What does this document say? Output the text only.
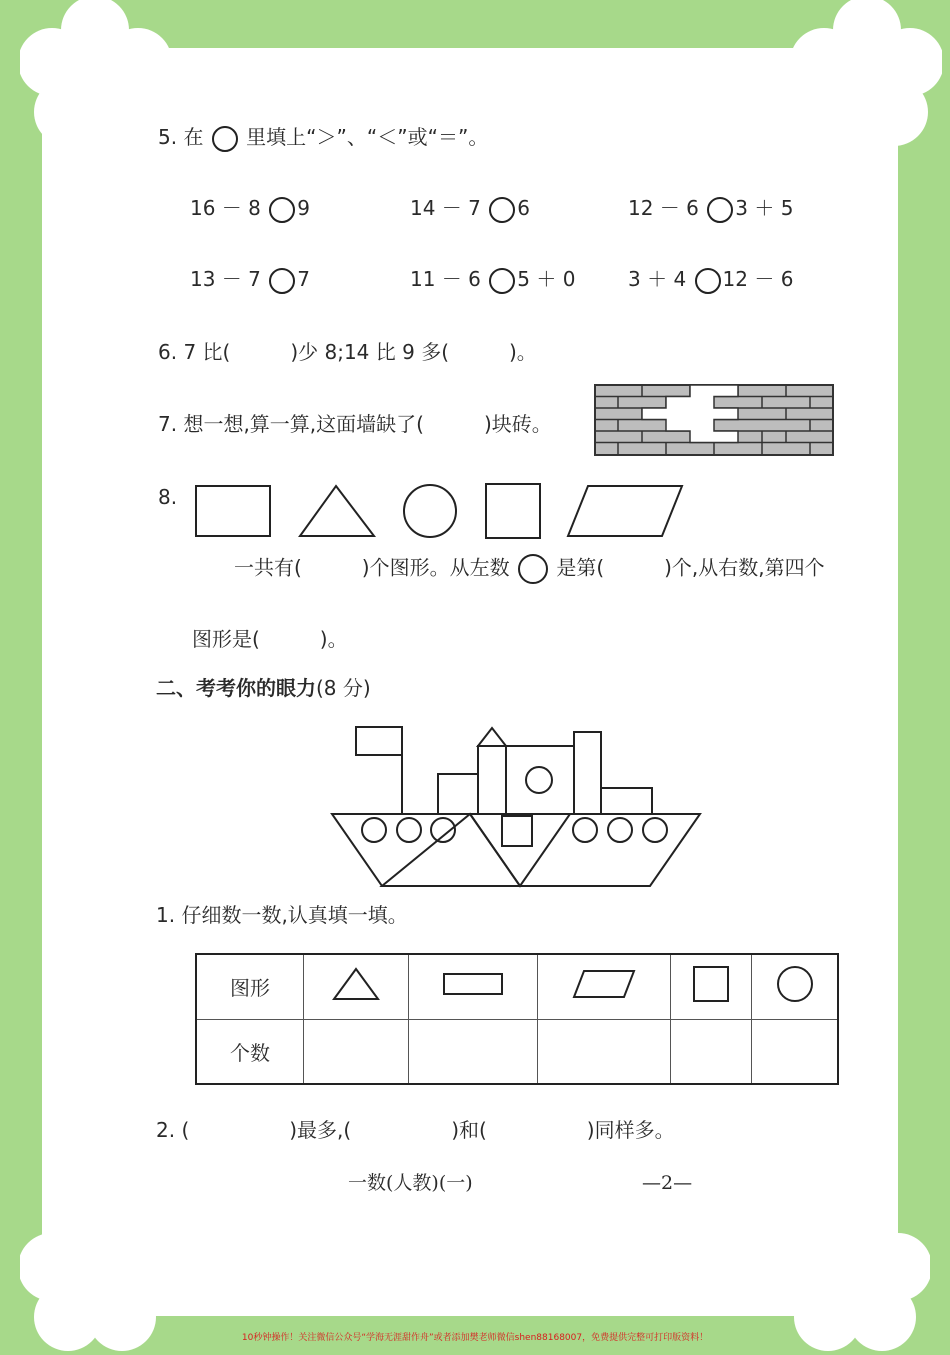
5. 在 里填上“＞”、“＜”或“＝”。
16 － 8 9	14 － 7 6	12 － 6 3 ＋ 5
13 － 7 7	11 － 6 5 ＋ 0	3 ＋ 4 12 － 6
6. 7 比(　　　)少 8;14 比 9 多(　　　)。
7. 想一想,算一算,这面墙缺了(　　　)块砖。
8.
一共有(　　　)个图形。从左数 是第(　　　)个,从右数,第四个
图形是(　　　)。
二、考考你的眼力(8 分)
1. 仔细数一数,认真填一填。
图形					
个数					
2. (　　　　　)最多,(　　　　　)和(　　　　　)同样多。
一数(人教)(一)	—2—
10秒钟操作！关注微信公众号“学海无涯甜作舟”或者添加樊老师微信shen88168007，免费提供完整可打印版资料！
